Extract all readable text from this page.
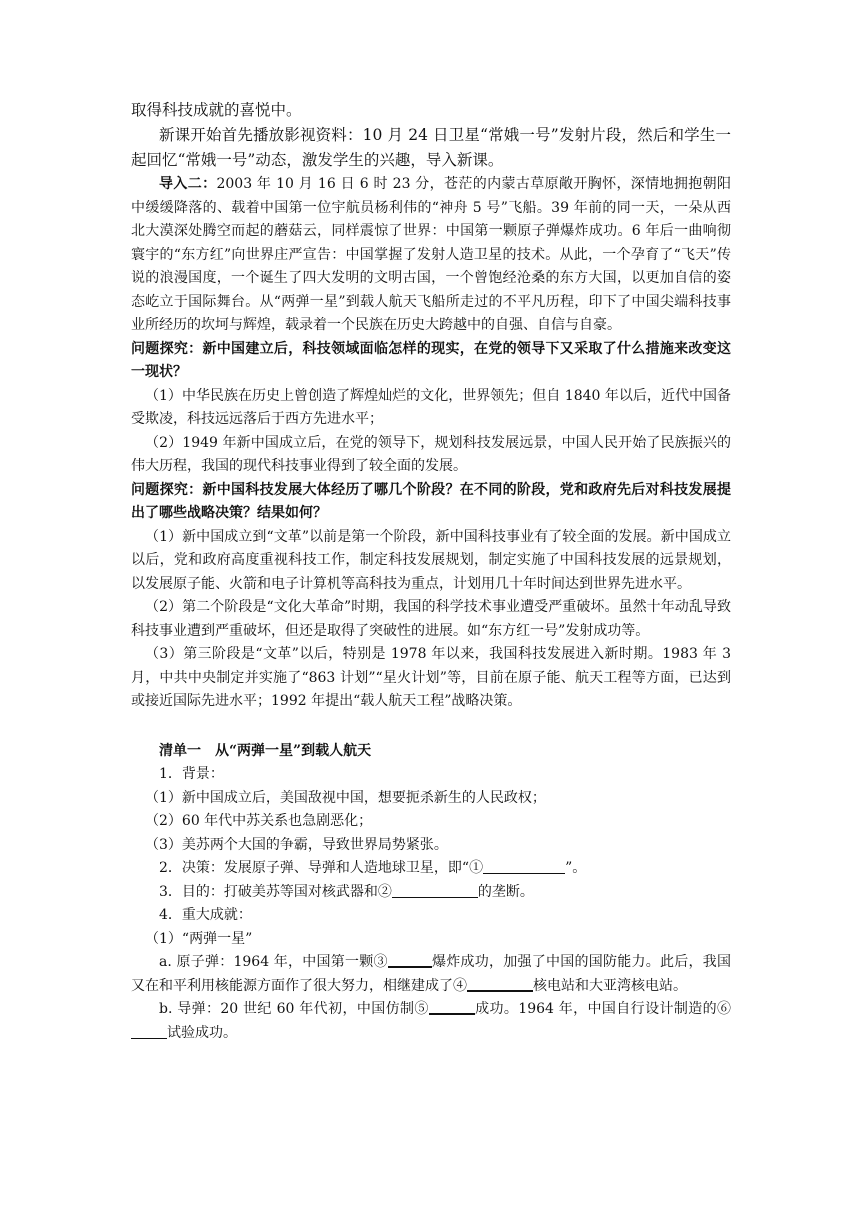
取得科技成就的喜悦中。

新课开始首先播放影视资料：10 月 24 日卫星“常娥一号”发射片段，然后和学生一起回忆“常娥一号”动态，激发学生的兴趣，导入新课。

导入二：2003 年 10 月 16 日 6 时 23 分，苍茫的内蒙古草原敞开胸怀，深情地拥抱朝阳中缓缓降落的、载着中国第一位宇航员杨利伟的“神舟 5 号”飞船。39 年前的同一天，一朵从西北大漠深处腾空而起的蘑菇云，同样震惊了世界：中国第一颗原子弹爆炸成功。6 年后一曲响彻寰宇的“东方红”向世界庄严宣告：中国掌握了发射人造卫星的技术。从此，一个孕育了“飞天”传说的浪漫国度，一个诞生了四大发明的文明古国，一个曾饱经沧桑的东方大国，以更加自信的姿态屹立于国际舞台。从“两弹一星”到载人航天飞船所走过的不平凡历程，印下了中国尖端科技事业所经历的坎坷与辉煌，载录着一个民族在历史大跨越中的自强、自信与自豪。

问题探究：新中国建立后，科技领域面临怎样的现实，在党的领导下又采取了什么措施来改变这一现状？

（1）中华民族在历史上曾创造了辉煌灿烂的文化，世界领先；但自 1840 年以后，近代中国备受欺凌，科技远远落后于西方先进水平；

（2）1949 年新中国成立后，在党的领导下，规划科技发展远景，中国人民开始了民族振兴的伟大历程，我国的现代科技事业得到了较全面的发展。

问题探究：新中国科技发展大体经历了哪几个阶段？在不同的阶段，党和政府先后对科技发展提出了哪些战略决策？结果如何？

（1）新中国成立到“文革”以前是第一个阶段，新中国科技事业有了较全面的发展。新中国成立以后，党和政府高度重视科技工作，制定科技发展规划，制定实施了中国科技发展的远景规划，以发展原子能、火箭和电子计算机等高科技为重点，计划用几十年时间达到世界先进水平。

（2）第二个阶段是“文化大革命”时期，我国的科学技术事业遭受严重破坏。虽然十年动乱导致科技事业遭到严重破坏，但还是取得了突破性的进展。如“东方红一号”发射成功等。

（3）第三阶段是“文革”以后，特别是 1978 年以来，我国科技发展进入新时期。1983 年 3 月，中共中央制定并实施了“863 计划”“星火计划”等，目前在原子能、航天工程等方面，已达到或接近国际先进水平；1992 年提出“载人航天工程”战略决策。

清单一　从“两弹一星”到载人航天

1．背景：

（1）新中国成立后，美国敌视中国，想要扼杀新生的人民政权；

（2）60 年代中苏关系也急剧恶化；

（3）美苏两个大国的争霸，导致世界局势紧张。

2．决策：发展原子弹、导弹和人造地球卫星，即“①	”。

3．目的：打破美苏等国对核武器和②	的垄断。

4．重大成就：

（1）“两弹一星”

a. 原子弹：1964 年，中国第一颗③	爆炸成功，加强了中国的国防能力。此后，我国又在和平利用核能源方面作了很大努力，相继建成了④	核电站和大亚湾核电站。

b. 导弹：20 世纪 60 年代初，中国仿制⑤	成功。1964 年，中国自行设计制造的⑥试验成功。
